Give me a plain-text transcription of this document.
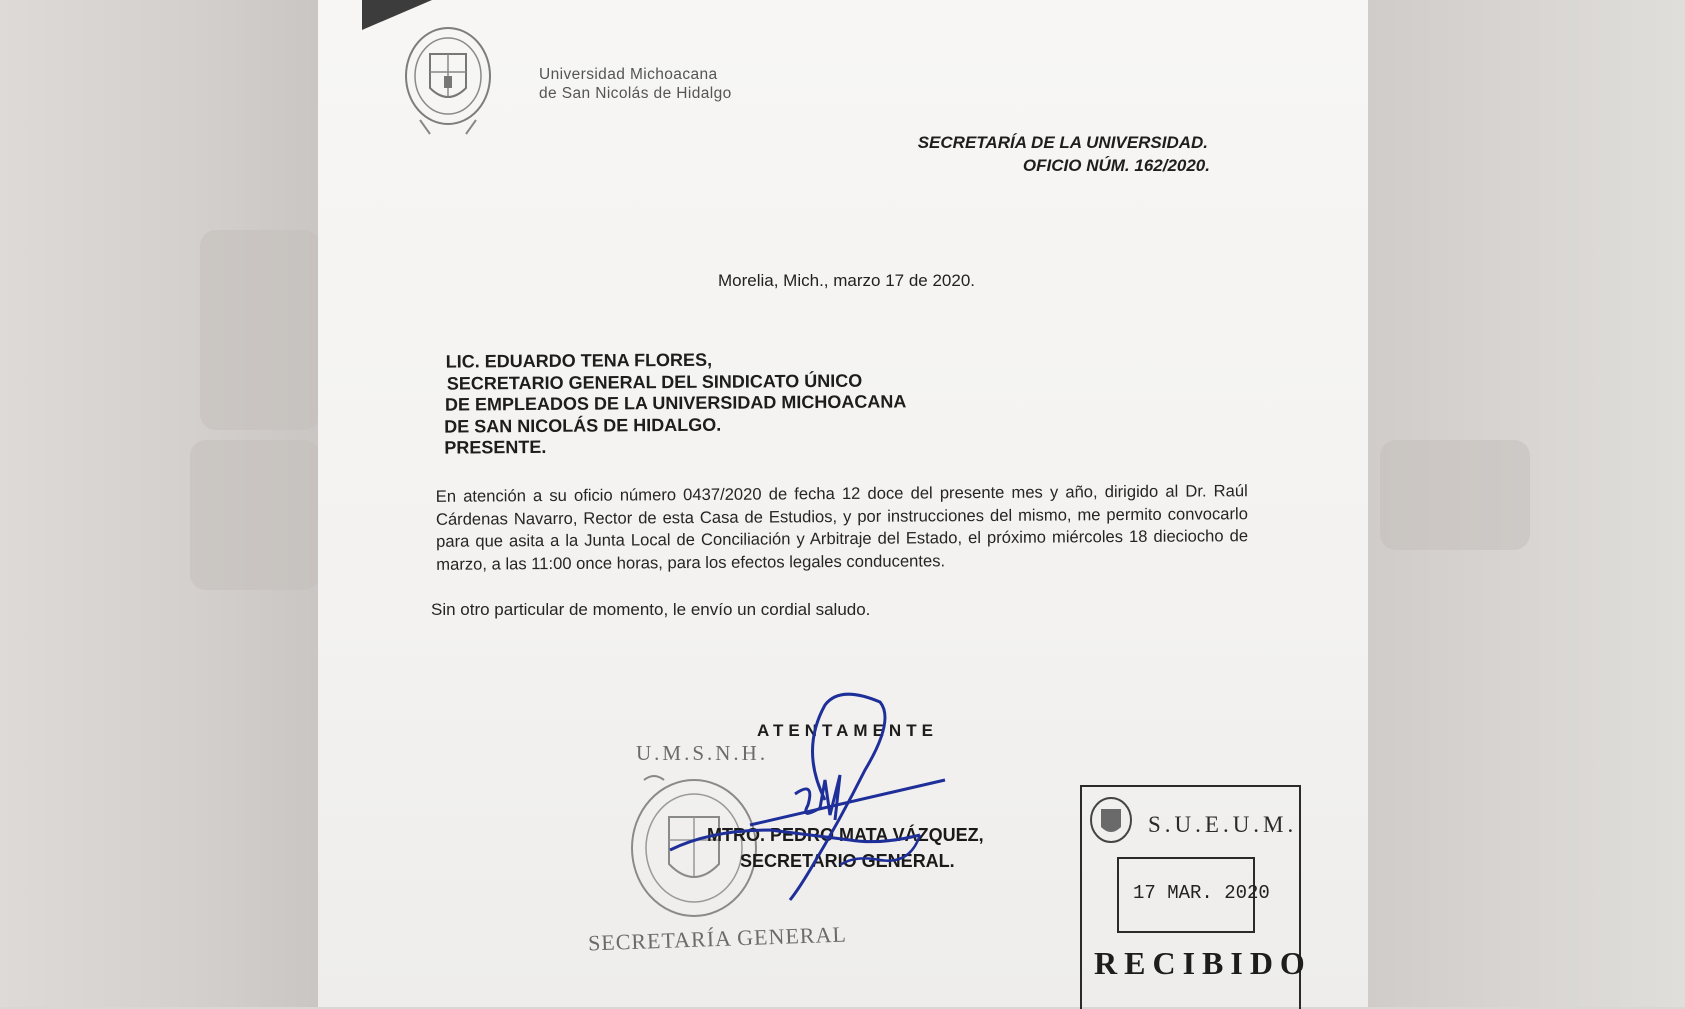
Universidad Michoacana
de San Nicolás de Hidalgo
SECRETARÍA DE LA UNIVERSIDAD.
OFICIO NÚM. 162/2020.
Morelia, Mich., marzo 17 de 2020.
LIC. EDUARDO TENA FLORES,
SECRETARIO GENERAL DEL SINDICATO ÚNICO
DE EMPLEADOS DE LA UNIVERSIDAD MICHOACANA
DE SAN NICOLÁS DE HIDALGO.
PRESENTE.
En atención a su oficio número 0437/2020 de fecha 12 doce del presente mes y año, dirigido al Dr. Raúl Cárdenas Navarro, Rector de esta Casa de Estudios, y por instrucciones del mismo, me permito convocarlo para que asita a la Junta Local de Conciliación y Arbitraje del Estado, el próximo miércoles 18 dieciocho de marzo, a las 11:00 once horas, para los efectos legales conducentes.
Sin otro particular de momento, le envío un cordial saludo.
ATENTAMENTE
U.M.S.N.H.
SECRETARÍA GENERAL
MTRO. PEDRO MATA VÁZQUEZ,
SECRETARIO GENERAL.
S.U.E.U.M.
17 MAR. 2020
RECIBIDO
